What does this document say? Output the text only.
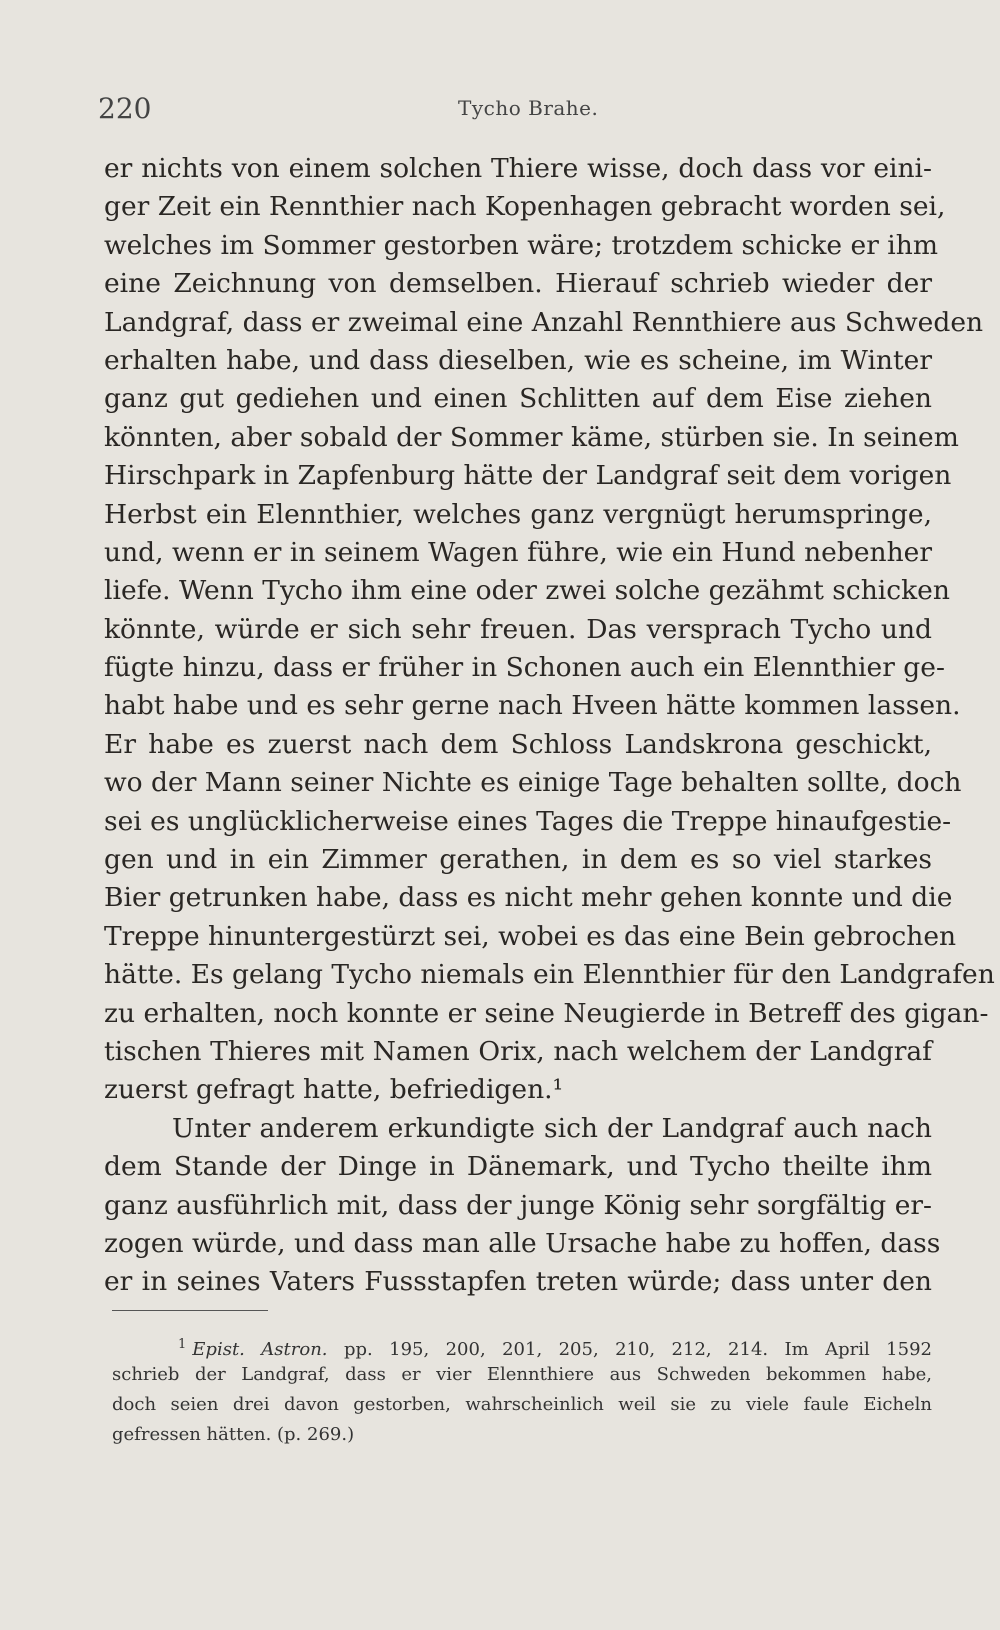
220	Tycho Brahe.
er nichts von einem solchen Thiere wisse, doch dass vor eini-
ger Zeit ein Rennthier nach Kopenhagen gebracht worden sei,
welches im Sommer gestorben wäre; trotzdem schicke er ihm
eine Zeichnung von demselben. Hierauf schrieb wieder der
Landgraf, dass er zweimal eine Anzahl Rennthiere aus Schweden
erhalten habe, und dass dieselben, wie es scheine, im Winter
ganz gut gediehen und einen Schlitten auf dem Eise ziehen
könnten, aber sobald der Sommer käme, stürben sie. In seinem
Hirschpark in Zapfenburg hätte der Landgraf seit dem vorigen
Herbst ein Elennthier, welches ganz vergnügt herumspringe,
und, wenn er in seinem Wagen führe, wie ein Hund nebenher
liefe. Wenn Tycho ihm eine oder zwei solche gezähmt schicken
könnte, würde er sich sehr freuen. Das versprach Tycho und
fügte hinzu, dass er früher in Schonen auch ein Elennthier ge-
habt habe und es sehr gerne nach Hveen hätte kommen lassen.
Er habe es zuerst nach dem Schloss Landskrona geschickt,
wo der Mann seiner Nichte es einige Tage behalten sollte, doch
sei es unglücklicherweise eines Tages die Treppe hinaufgestie-
gen und in ein Zimmer gerathen, in dem es so viel starkes
Bier getrunken habe, dass es nicht mehr gehen konnte und die
Treppe hinuntergestürzt sei, wobei es das eine Bein gebrochen
hätte. Es gelang Tycho niemals ein Elennthier für den Landgrafen
zu erhalten, noch konnte er seine Neugierde in Betreff des gigan-
tischen Thieres mit Namen Orix, nach welchem der Landgraf
zuerst gefragt hatte, befriedigen.¹
Unter anderem erkundigte sich der Landgraf auch nach
dem Stande der Dinge in Dänemark, und Tycho theilte ihm
ganz ausführlich mit, dass der junge König sehr sorgfältig er-
zogen würde, und dass man alle Ursache habe zu hoffen, dass
er in seines Vaters Fussstapfen treten würde; dass unter den
$^1$ Epist. Astron. pp. 195, 200, 201, 205, 210, 212, 214. Im April 1592
schrieb der Landgraf, dass er vier Elennthiere aus Schweden bekommen habe,
doch seien drei davon gestorben, wahrscheinlich weil sie zu viele faule Eicheln
gefressen hätten. (p. 269.)
